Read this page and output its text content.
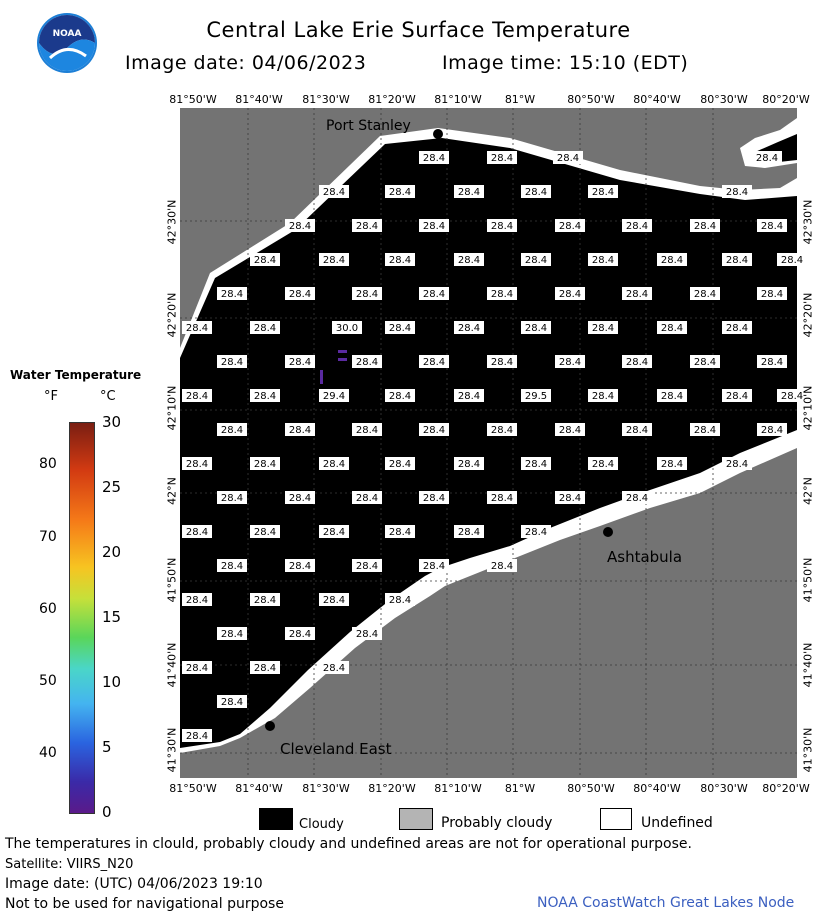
NOAA	Central Lake Erie Surface Temperature
Image date: 04/06/2023	Image time: 15:10 (EDT)
28.4	28.4	28.4	28.4
28.4	28.4	28.4	28.4	28.4	28.4
28.4	28.4	28.4	28.4	28.4	28.4	28.4	28.4
28.4	28.4	28.4	28.4	28.4	28.4	28.4	28.4	28.4
28.4	28.4	28.4	28.4	28.4	28.4	28.4	28.4	28.4
28.4	28.4	30.0	28.4	28.4	28.4	28.4	28.4	28.4
28.4	28.4	28.4	28.4	28.4	28.4	28.4	28.4	28.4
28.4	28.4	29.4	28.4	28.4	29.5	28.4	28.4	28.4	28.4
28.4	28.4	28.4	28.4	28.4	28.4	28.4	28.4	28.4
28.4	28.4	28.4	28.4	28.4	28.4	28.4	28.4	28.4
28.4	28.4	28.4	28.4	28.4	28.4	28.4
28.4	28.4	28.4	28.4	28.4	28.4
28.4	28.4	28.4	28.4	28.4
28.4	28.4	28.4	28.4
28.4	28.4	28.4
28.4	28.4	28.4
28.4
28.4
Port Stanley
Ashtabula
Cleveland East
81°50'W 81°40'W 81°30'W 81°20'W 81°10'W 81°W	80°50'W 80°40'W 80°30'W 80°20'W
81°50'W 81°40'W 81°30'W 81°20'W 81°10'W 81°W	80°50'W 80°40'W 80°30'W 80°20'W
42°30'N
42°20'N
42°10'N
42°N
41°50'N
41°40'N
41°30'N
42°30'N
42°20'N
42°10'N
42°N
41°50'N
41°40'N
41°30'N
Water Temperature
°F	°C
30
25
20
15
10
5
0
80
70
60
50
40
Cloudy	Probably cloudy	Undefined
The temperatures in clould, probably cloudy and undefined areas are not for operational purpose.
Satellite: VIIRS_N20
Image date: (UTC) 04/06/2023 19:10
Not to be used for navigational purpose	NOAA CoastWatch Great Lakes Node
